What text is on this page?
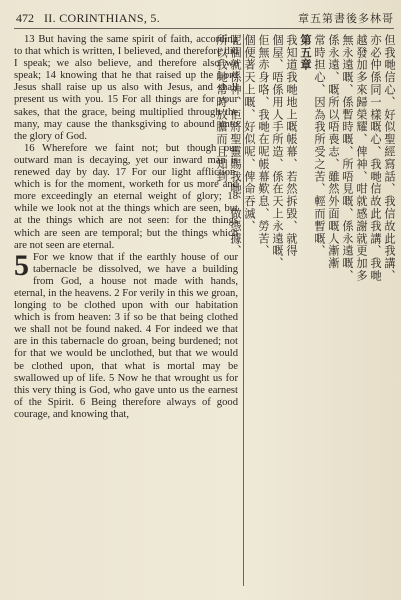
472 II. CORINTHIANS, 5.	章五第書後多林哥

13 But having the same spirit of faith, according to that which is written, I believed, and therefore did I speak; we also believe, and therefore also we speak; 14 knowing that he that raised up the Lord Jesus shall raise up us also with Jesus, and shall present us with you. 15 For all things are for your sakes, that the grace, being multiplied through the many, may cause the thanksgiving to abound unto the glory of God.

16 Wherefore we faint not; but though our outward man is decaying, yet our inward man is renewed day by day. 17 For our light affliction, which is for the moment, worketh for us more and more exceedingly an eternal weight of glory; 18 while we look not at the things which are seen, but at the things which are not seen: for the things which are seen are temporal; but the things which are not seen are eternal.

5 For we know that if the earthly house of our tabernacle be dissolved, we have a building from God, a house not made with hands, eternal, in the heavens. 2 For verily in this we groan, longing to be clothed upon with our habitation which is from heaven: 3 if so be that being clothed we shall not be found naked. 4 For indeed we that are in this tabernacle do groan, being burdened; not for that we would be unclothed, but that we would be clothed upon, that what is mortal may be swallowed up of life. 5 Now he that wrought us for this very thing is God, who gave unto us the earnest of the Spirit. 6 Being therefore always of good courage, and knowing that,

但我哋信心、好似聖經寫話、我信故此我講、
亦必仲係同一樣嘅心、我哋信故此我講、我哋
越發加多來歸榮耀、俾神、咁就感謝就更加多
無永遠嘅、係暫時嘅、所唔見嘅、係永遠嘅、
係永遠、嘅所以唔喪志、雖然外面嘅人漸漸
常時担心、因為我所受之苦、輕而暫嘅、
第五章
我知道我哋地上嘅帳幕、若然拆毀、就得
個屋、唔係用人手所造、係在天上永遠嘅、
佢無赤身咯、我哋在呢帳幕歎息、勞苦、
個便著天上嘅、好似呢、俾命吞滅、
呢個就係神、佢將聖靈賜我哋、做憑據、
所以我哋常時放膽而且知到
